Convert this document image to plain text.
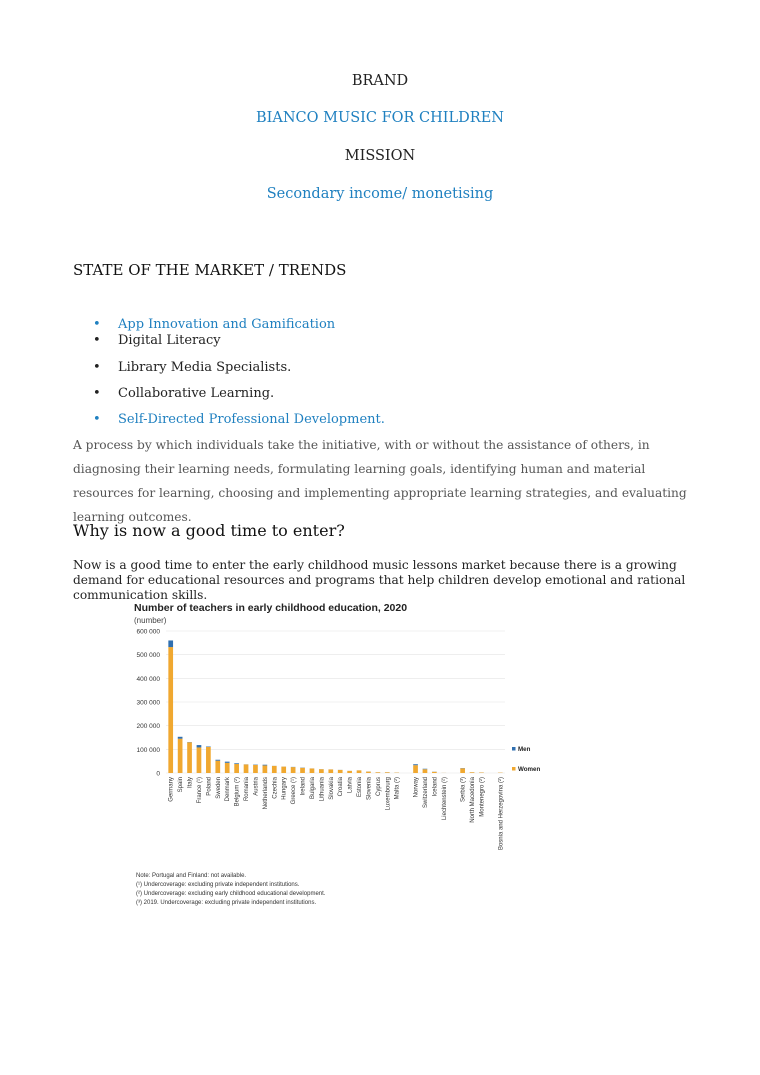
BRAND
BIANCO MUSIC FOR CHILDREN
MISSION
Secondary income/ monetising
STATE OF THE MARKET / TRENDS
• App Innovation and Gamification
• Digital Literacy
• Library Media Specialists.
• Collaborative Learning.
• Self-Directed Professional Development.
A process by which individuals take the initiative, with or without the assistance of others, in diagnosing their learning needs, formulating learning goals, identifying human and material resources for learning, choosing and implementing appropriate learning strategies, and evaluating learning outcomes.
Why is now a good time to enter?
Now is a good time to enter the early childhood music lessons market because there is a growing demand for educational resources and programs that help children develop emotional and rational communication skills.
Number of teachers in early childhood education, 2020
(number)
600 000
500 000
400 000
300 000
200 000
100 000
0
Germany Spain Italy France (¹) Poland Sweden Denmark Belgium (²) Romania Austria Netherlands Czechia Hungary Greece (¹) Ireland Bulgaria Lithuania Slovakia Croatia Latvia Estonia Slovenia Cyprus Luxembourg Malta (²) Norway Switzerland Iceland Liechtenstein (²) Serbia (³) North Macedonia Montenegro (²) Bosnia and Herzegovina (²)
Men
Women
Note: Portugal and Finland: not available.
(¹) Undercoverage: excluding private independent institutions.
(²) Undercoverage: excluding early childhood educational development.
(³) 2019. Undercoverage: excluding private independent institutions.
